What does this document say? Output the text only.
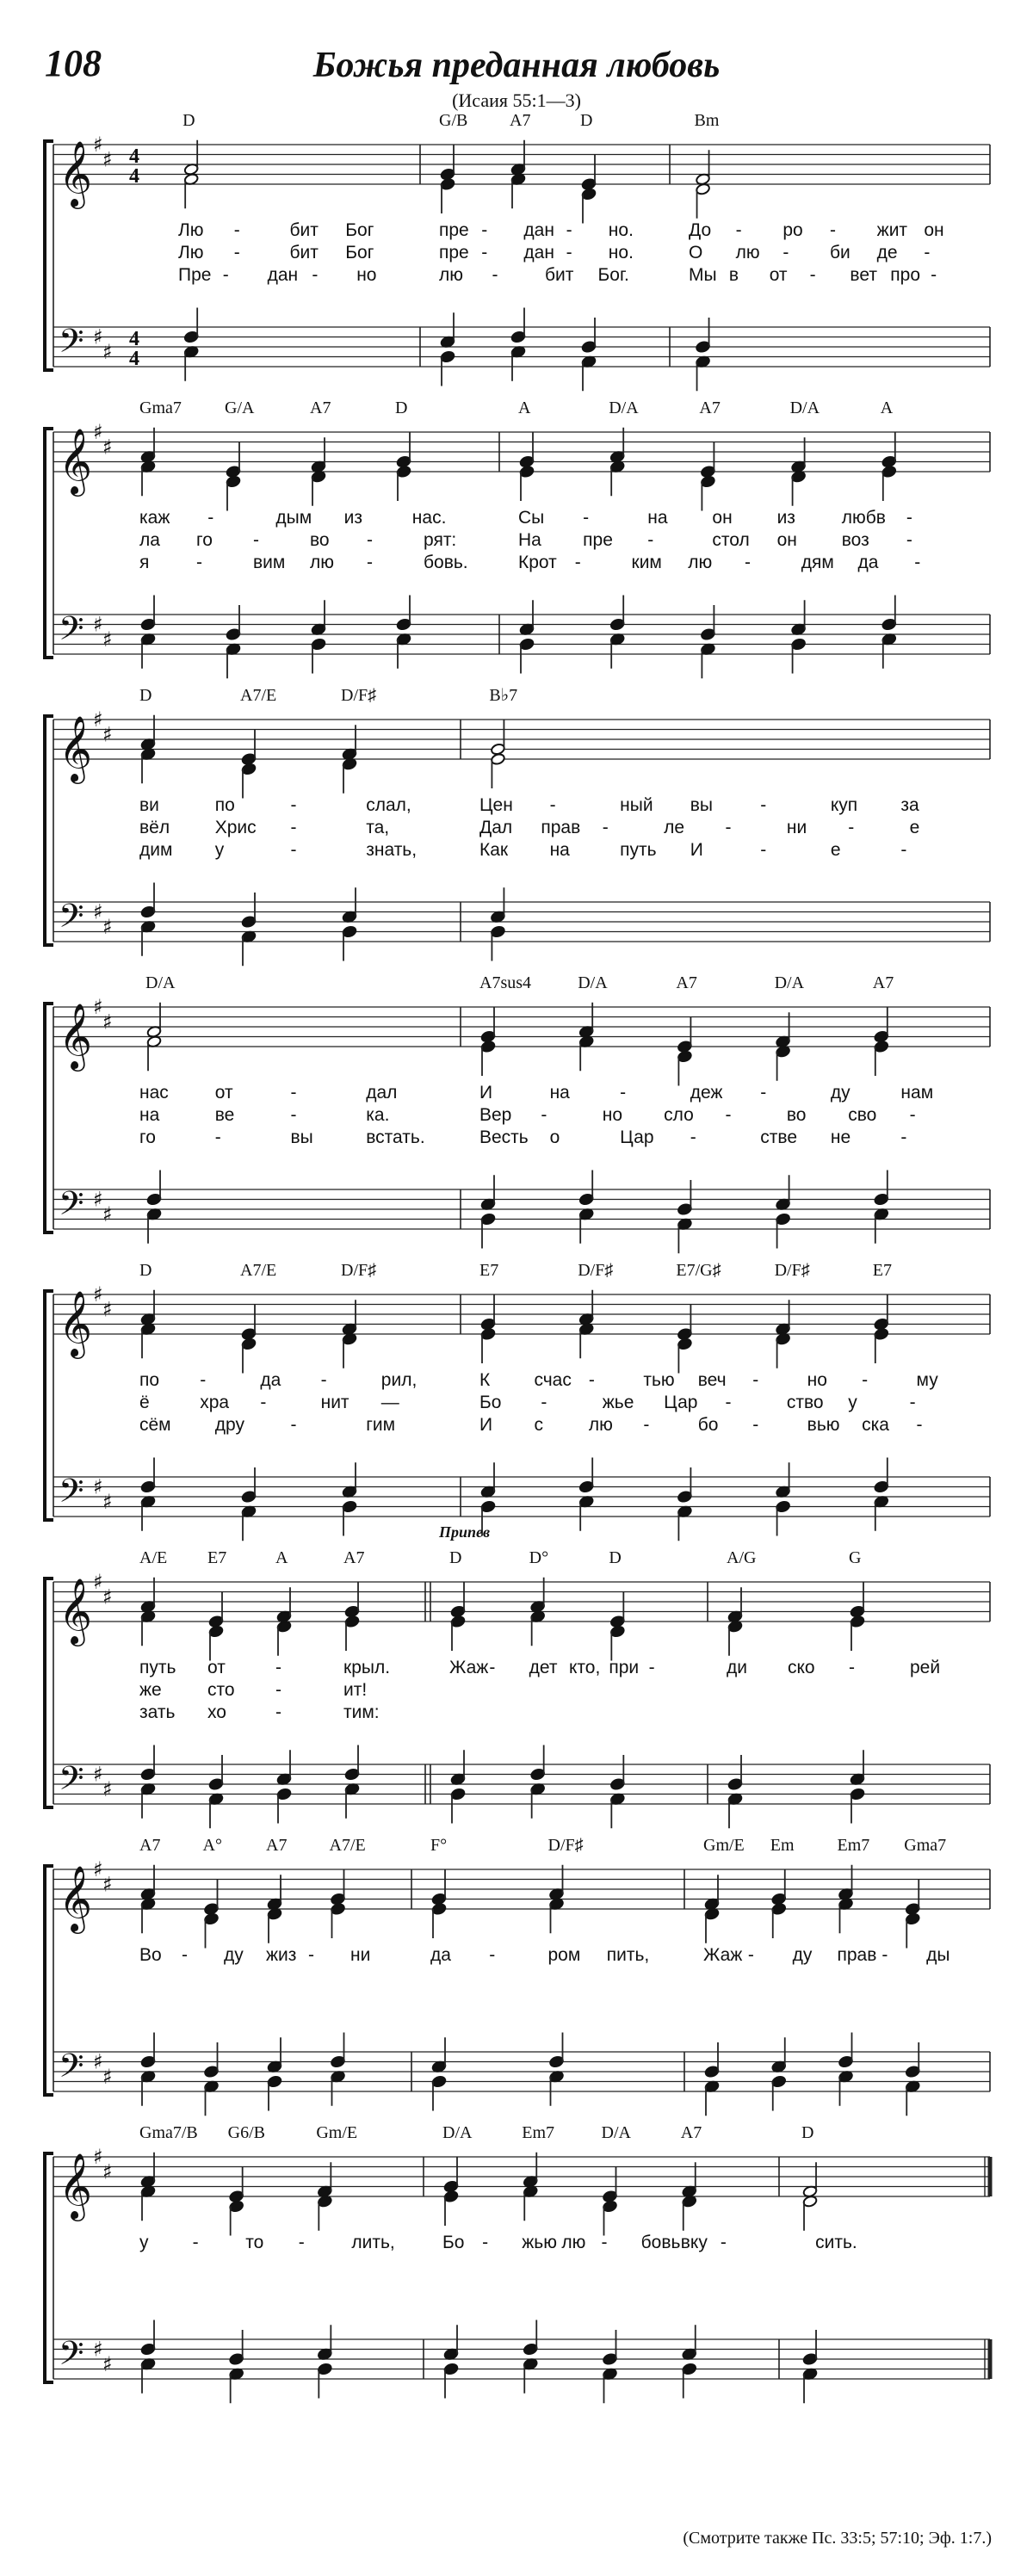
108	Божья преданная любовь
(Исаия 55:1—3)
𝄞
𝄢
♯
♯
♯
♯
4
4
4
4
D
Лю -	бит Бог
Лю -	бит Бог
Пре - дан - но
G/B A7	D
пре - дан - но.
пре - дан - но.
лю -	бит Бог.
Bm
До - ро - жит он
О лю - би де -
Мы в от - вет про -
𝄞
𝄢
♯
♯
♯
♯
Gma7	G/A	A7	D
каж -	дым из	нас.
ла го -	во -	рят:
я	-	вим лю -	бовь.
A	D/A	A7	D/A	A
Сы -	на он из	любв -
На пре -	стол он воз -
Крот -	ким лю -	дям да -
𝄞
𝄢
♯
♯
♯
♯
D	A7/E	D/F♯
ви	по	-	слал,
вёл	Хрис -	та,
дим у	-	знать,
B♭7
Цен -	ный вы	-	куп за
Дал прав -	ле -	ни -	е
Как на	путь И	-	е	-
𝄞
𝄢
♯
♯
♯
♯
D/A
нас	от	-	дал
на	ве	-	ка.
го	-	вы	встать.
A7sus4	D/A	A7	D/A	A7
И	на	-	деж -	ду	нам
Вер -	но сло -	во сво -
Весть о	Цар -	стве не	-
𝄞
𝄢
♯
♯
♯
♯
D	A7/E	D/F♯
по -	да -	рил,
ё	хра -	нит —
сём дру	-	гим
E7	D/F♯	E7/G♯	D/F♯	E7
К счас -	тью веч -	но -	му
Бо -	жье Цар -	ство у	-
И с	лю -	бо -	вью ска -
𝄞
𝄢
♯
♯
♯
♯
Припев
A/E E7	A	A7
путь от	-	крыл.
же	сто -	ит!
зать хо	-	тим:
D	D°	D
Жаж - дет кто, при -
A/G	G
ди ско -	рей
𝄞
𝄢
♯
♯
♯
♯
A7 A°	A7 A7/E
Во - ду жиз - ни
F°	D/F♯
да -	ром пить,
Gm/E Em Em7 Gma7
Жаж - ду прав - ды
𝄞
𝄢
♯
♯
♯
♯
Gma7/B G6/B	Gm/E
у -	то -	лить,
D/A	Em7	D/A	A7
Бо - жью лю - бовь вку -
D
сить.
(Смотрите также Пс. 33:5; 57:10; Эф. 1:7.)
